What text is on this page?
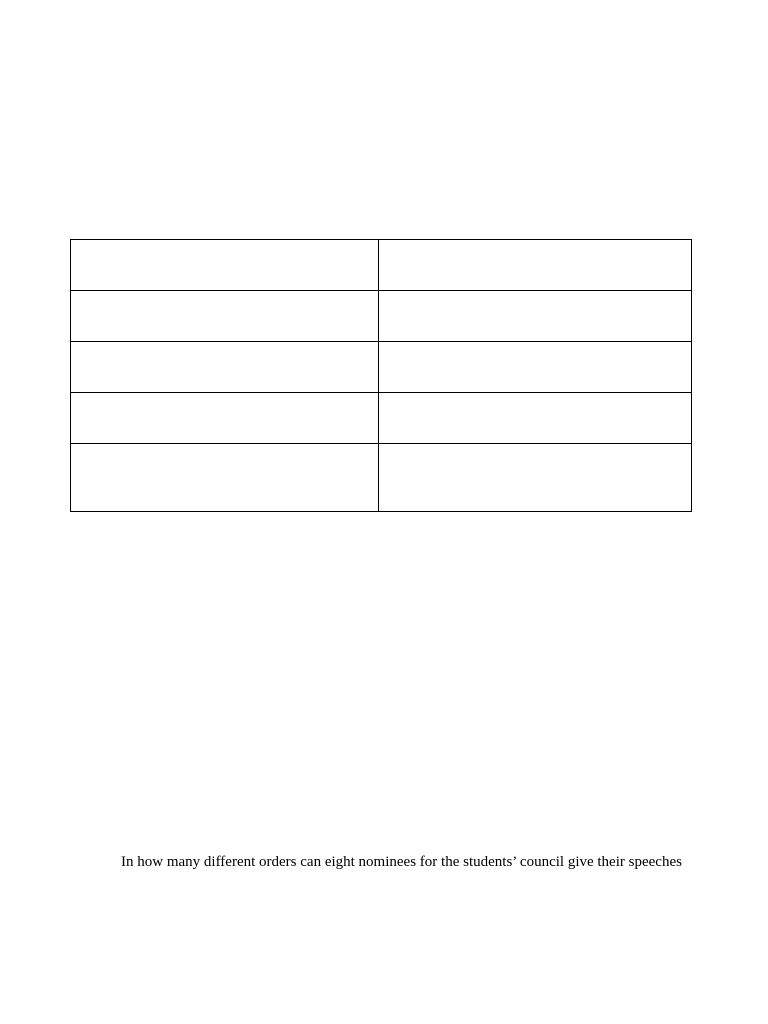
In how many different orders can eight nominees for the students’ council give their speeches
